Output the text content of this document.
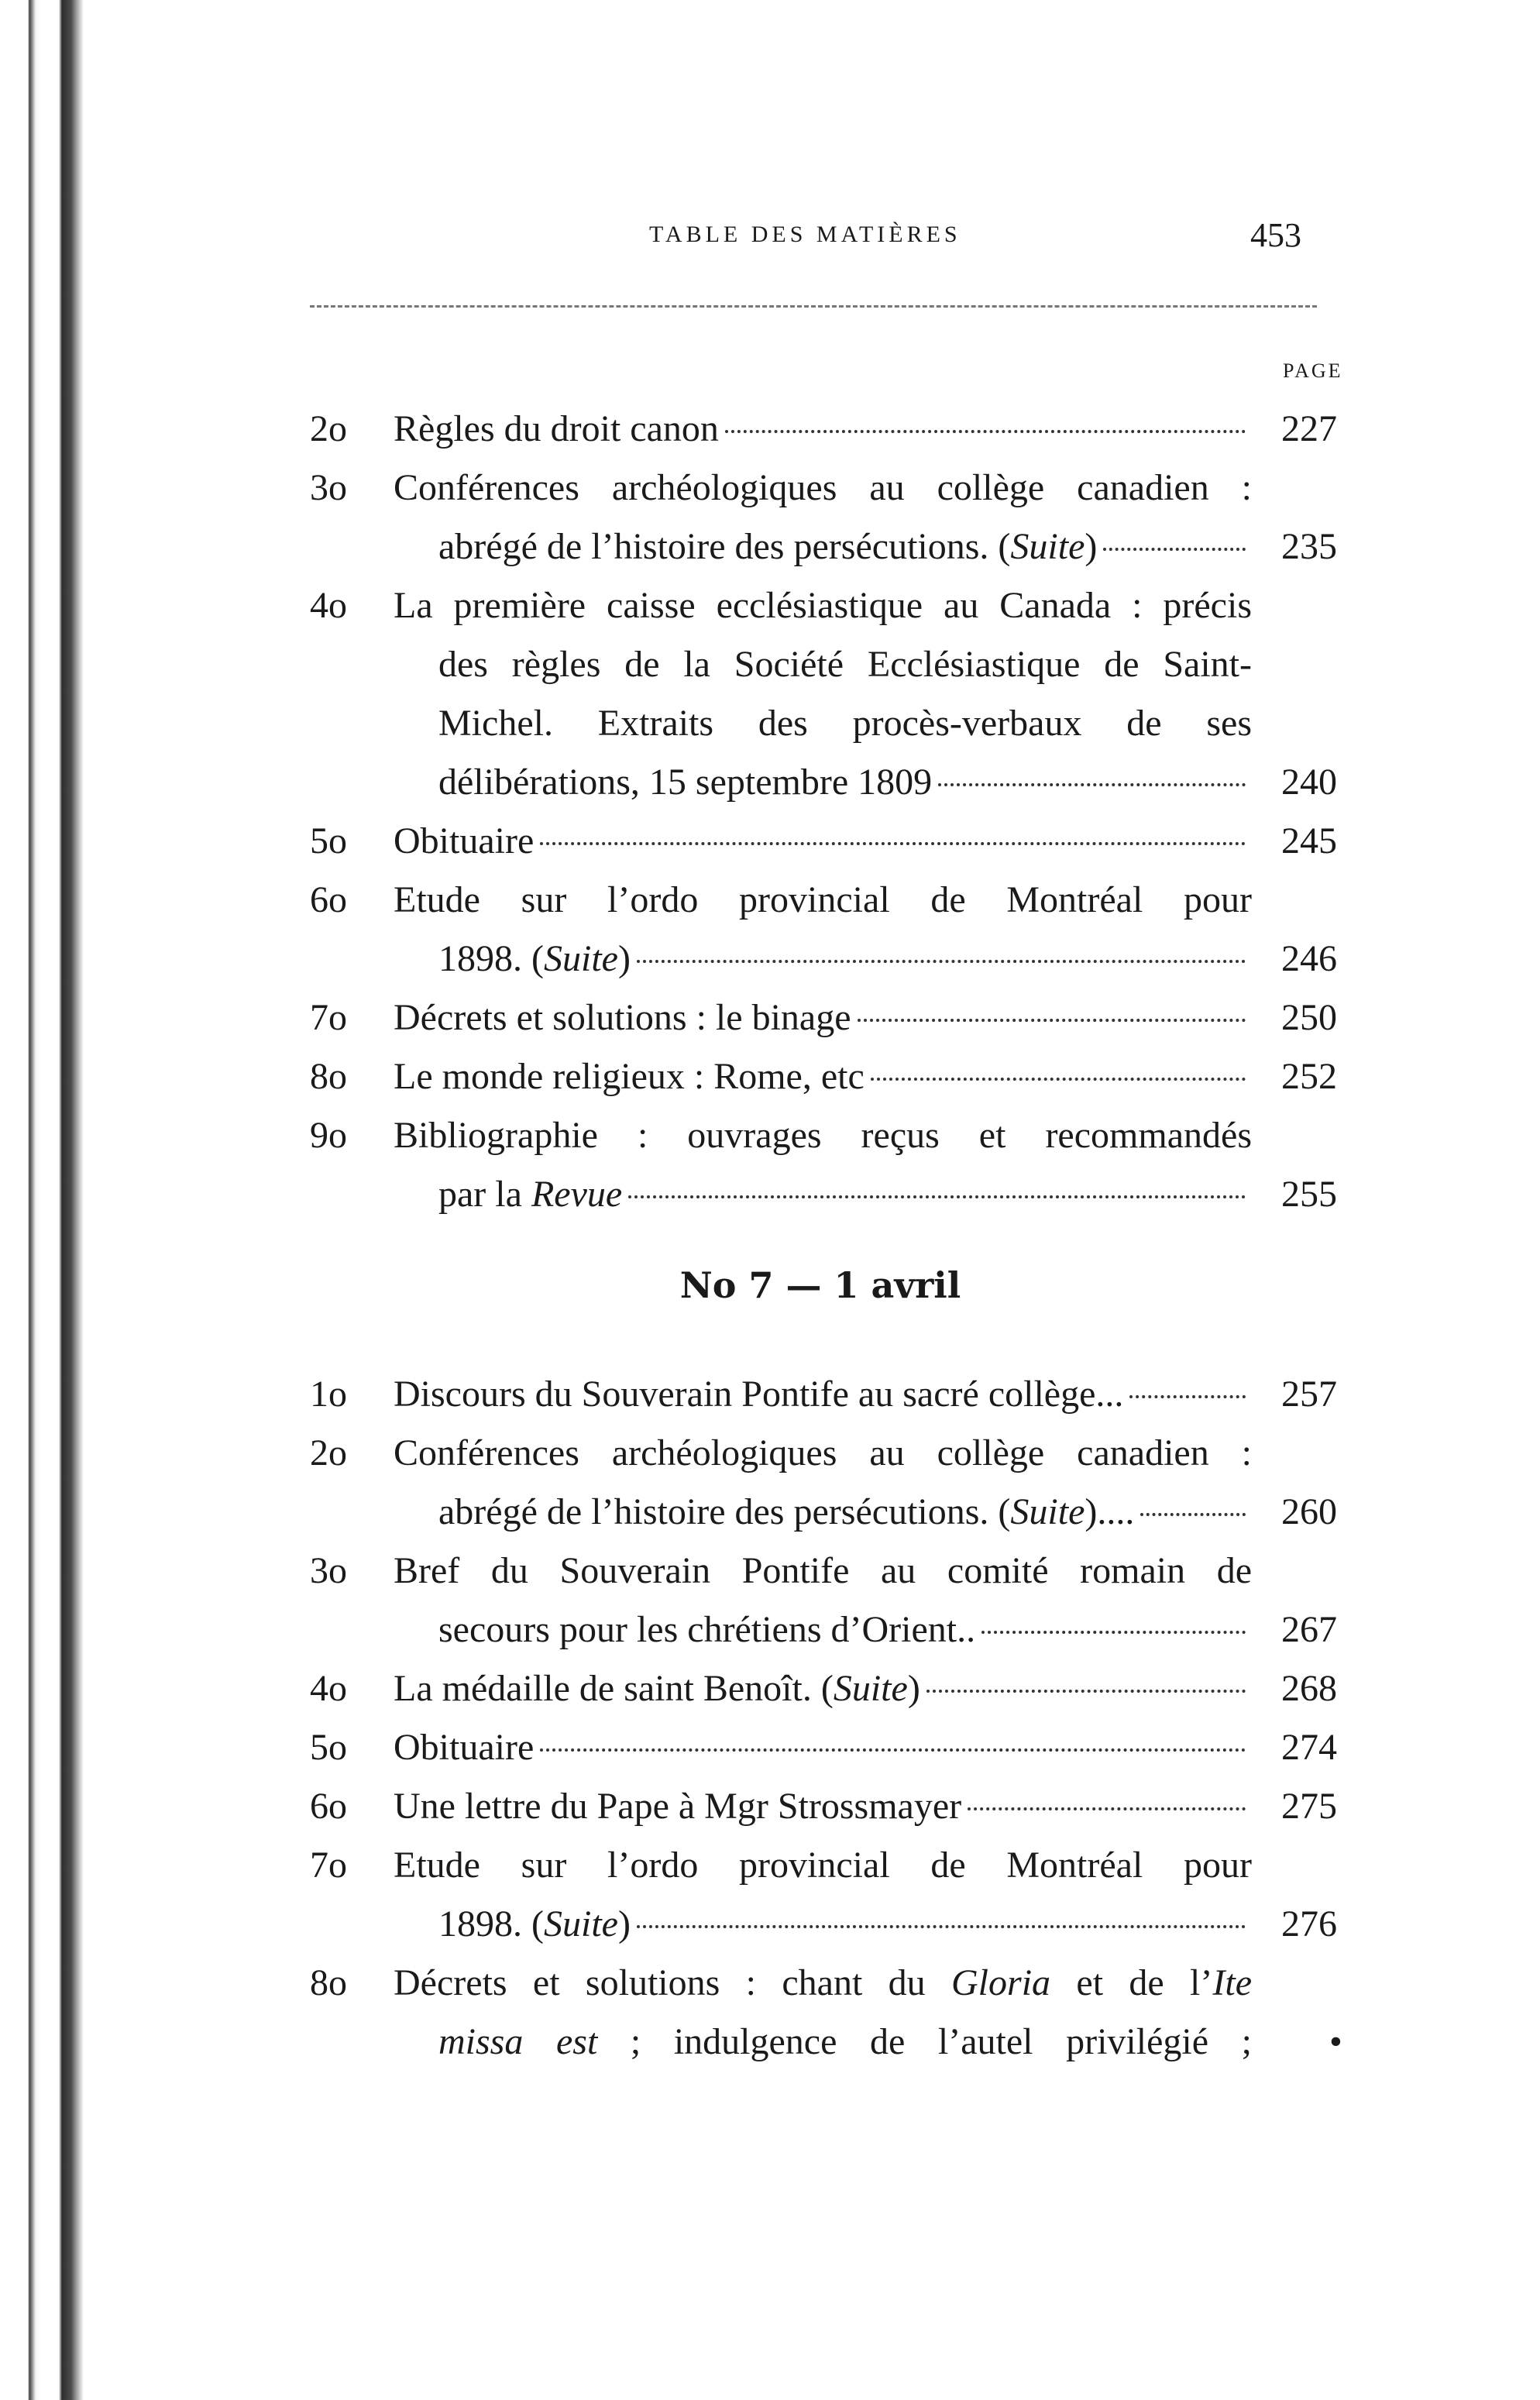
TABLE DES MATIÈRES	453
PAGE
2o Règles du droit canon	227
3o Conférences archéologiques au collège canadien :
abrégé de l’histoire des persécutions. (Suite)	235
4o La première caisse ecclésiastique au Canada : précis
des règles de la Société Ecclésiastique de Saint-
Michel. Extraits des procès-verbaux de ses
délibérations, 15 septembre 1809	240
5o Obituaire	245
6o Etude sur l’ordo provincial de Montréal pour
1898. (Suite)	246
7o Décrets et solutions : le binage	250
8o Le monde religieux : Rome, etc	252
9o Bibliographie : ouvrages reçus et recommandés
par la Revue	255
No 7 — 1 avril
1o Discours du Souverain Pontife au sacré collège...	257
2o Conférences archéologiques au collège canadien :
abrégé de l’histoire des persécutions. (Suite)....	260
3o Bref du Souverain Pontife au comité romain de
secours pour les chrétiens d’Orient..	267
4o La médaille de saint Benoît. (Suite)	268
5o Obituaire	274
6o Une lettre du Pape à Mgr Strossmayer	275
7o Etude sur l’ordo provincial de Montréal pour
1898. (Suite)	276
8o Décrets et solutions : chant du Gloria et de l’Ite
missa est ; indulgence de l’autel privilégié ; •
